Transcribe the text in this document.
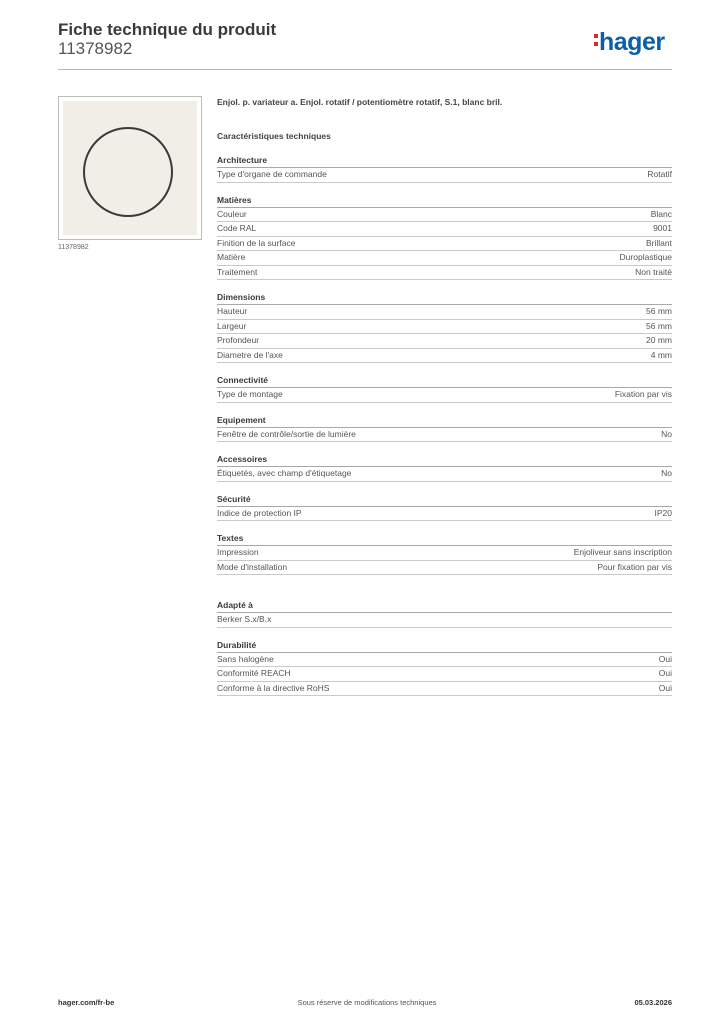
Fiche technique du produit
11378982	hager
11378982
Enjol. p. variateur a. Enjol. rotatif / potentiomètre rotatif, S.1, blanc bril.
Caractéristiques techniques
Architecture
Type d'organe de commande	Rotatif
Matières
Couleur	Blanc
Code RAL	9001
Finition de la surface	Brillant
Matière	Duroplastique
Traitement	Non traité
Dimensions
Hauteur	56 mm
Largeur	56 mm
Profondeur	20 mm
Diametre de l'axe	4 mm
Connectivité
Type de montage	Fixation par vis
Equipement
Fenêtre de contrôle/sortie de lumière	No
Accessoires
Étiquetés, avec champ d'étiquetage	No
Sécurité
Indice de protection IP	IP20
Textes
Impression	Enjoliveur sans inscription
Mode d'installation	Pour fixation par vis
Adapté à
Berker S.x/B.x
Durabilité
Sans halogène	Oui
Conformité REACH	Oui
Conforme à la directive RoHS	Oui
hager.com/fr-be	Sous réserve de modifications techniques	05.03.2026
